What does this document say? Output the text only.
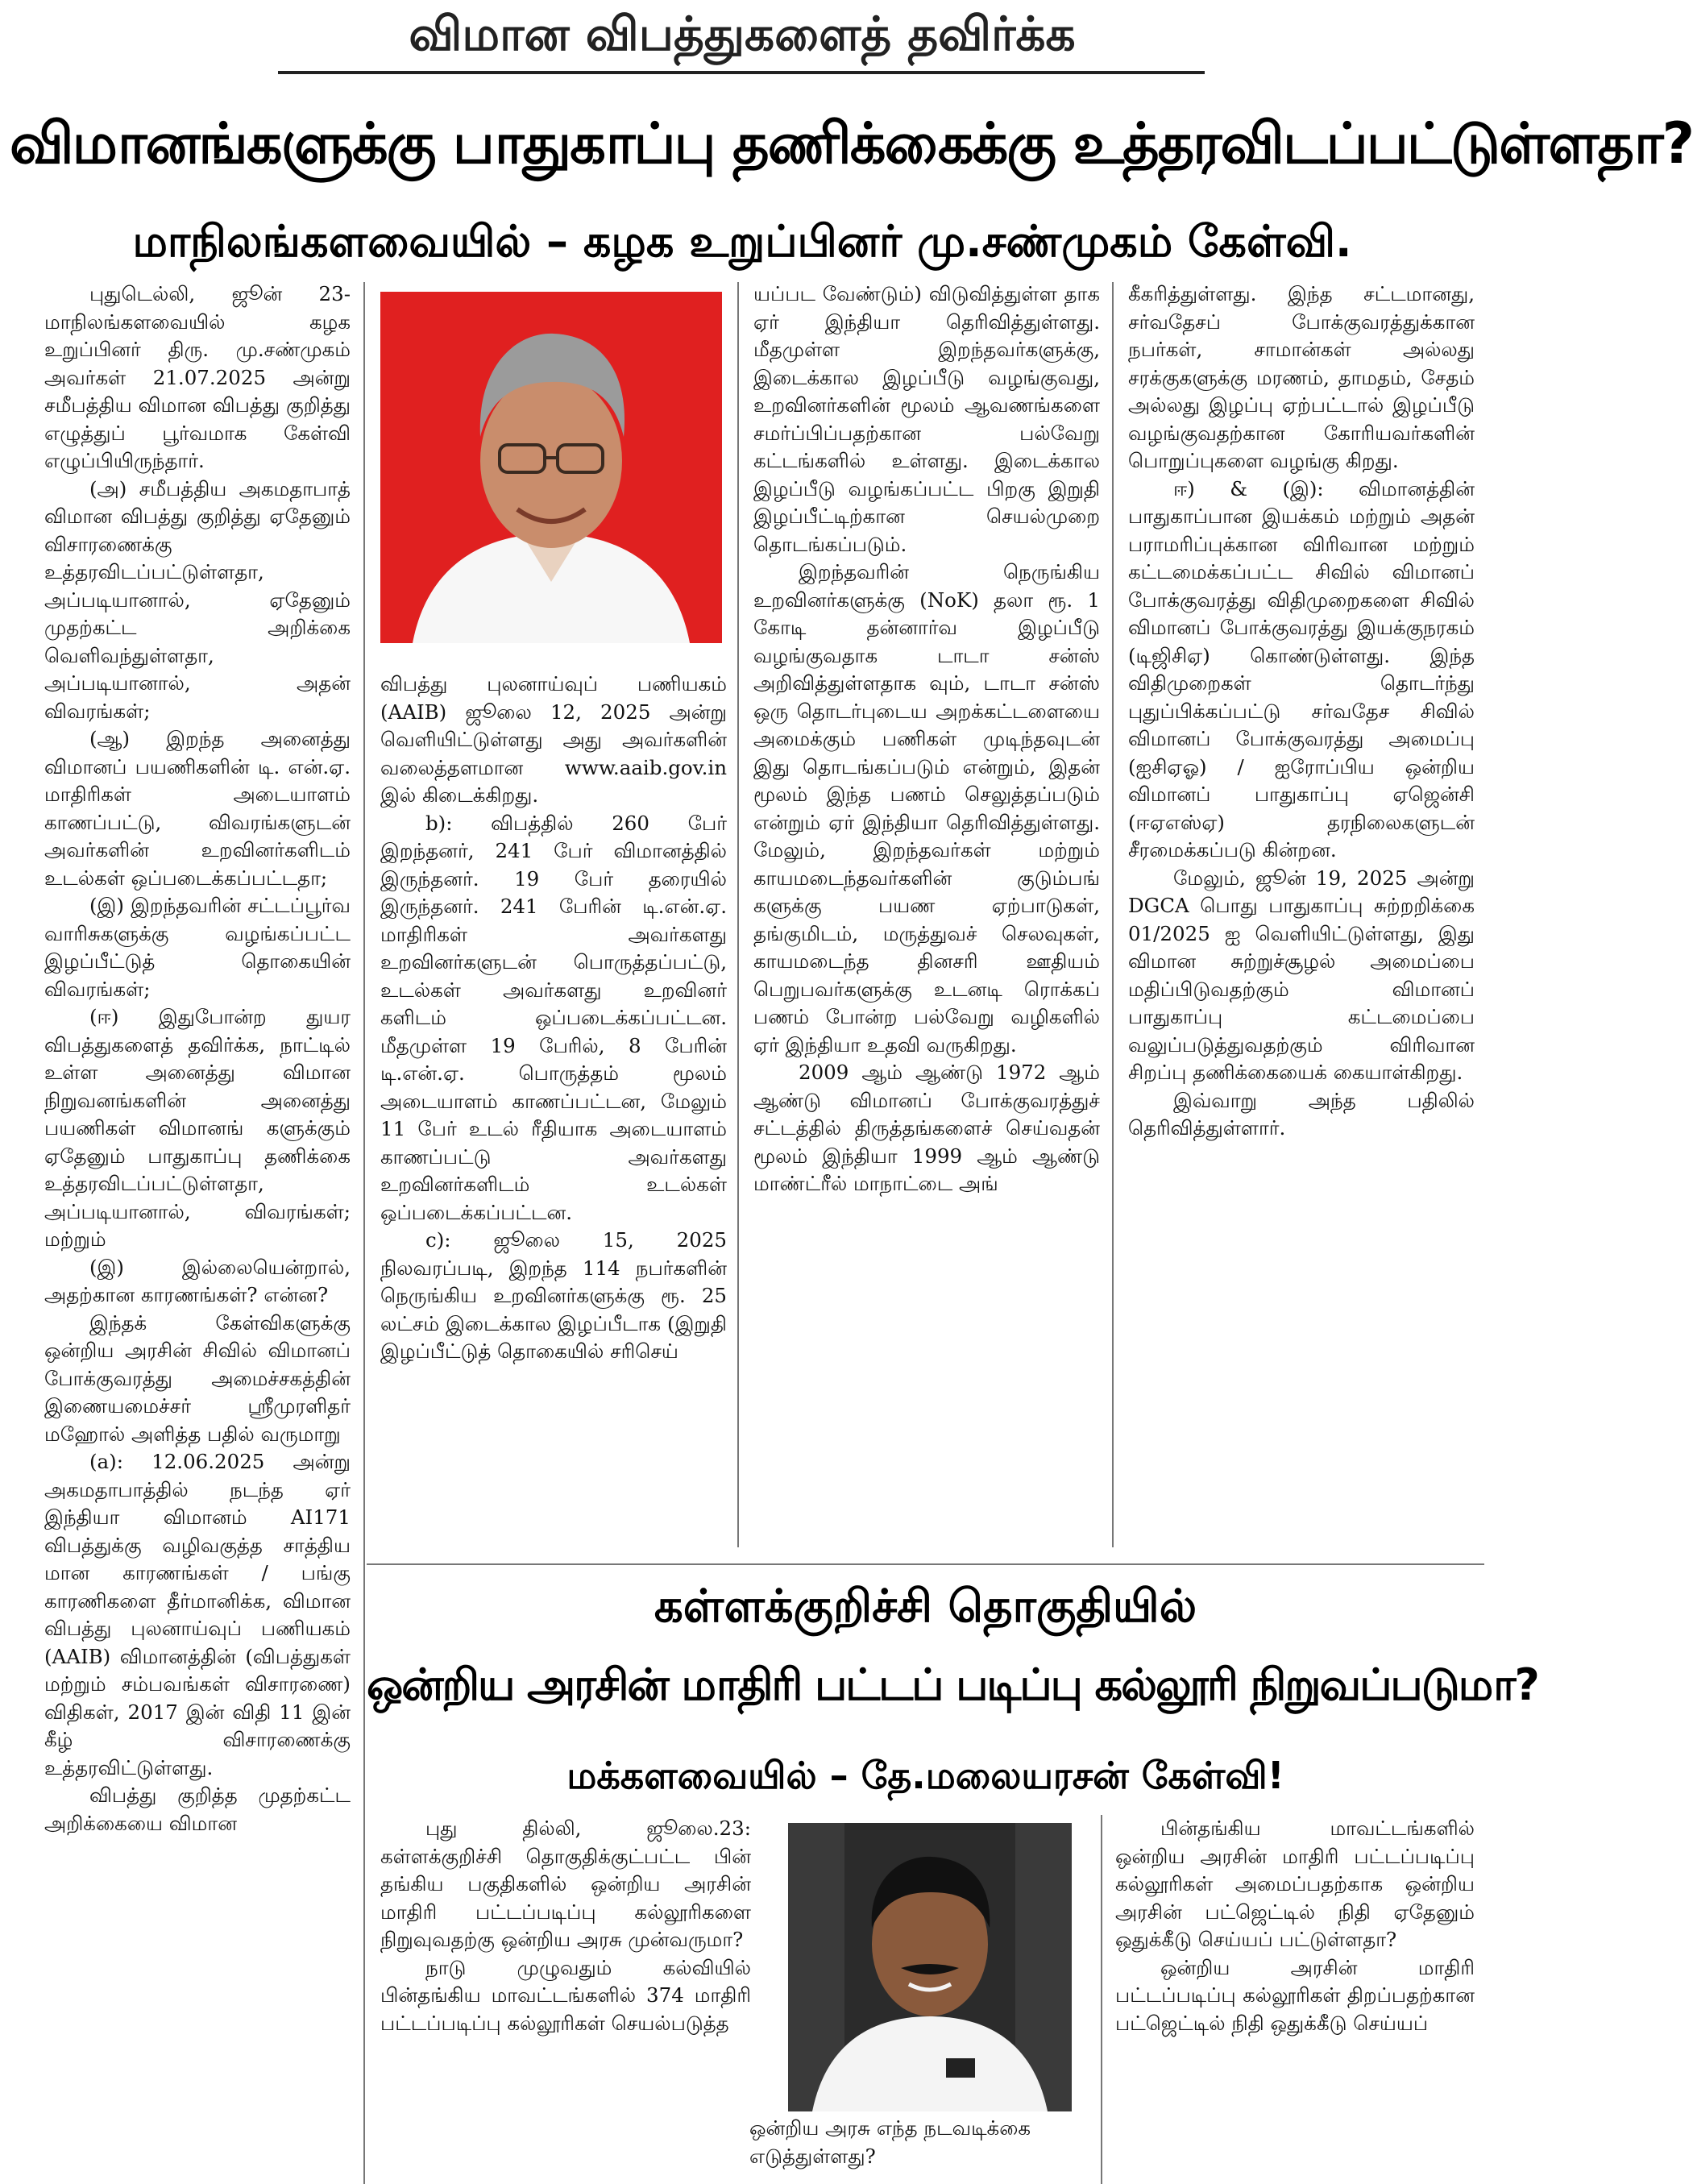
விமான விபத்துகளைத் தவிர்க்க
விமானங்களுக்கு பாதுகாப்பு தணிக்கைக்கு உத்தரவிடப்பட்டுள்ளதா?
மாநிலங்களவையில் – கழக உறுப்பினர் மு.சண்முகம் கேள்வி.

புதுடெல்லி, ஜூன் 23- மாநிலங்களவையில் கழக உறுப்பினர் திரு. மு.சண்முகம் அவர்கள் 21.07.2025 அன்று சமீபத்திய விமான விபத்து குறித்து எழுத்துப் பூர்வமாக கேள்வி எழுப்பியிருந்தார்.

(அ) சமீபத்திய அகமதாபாத் விமான விபத்து குறித்து ஏதேனும் விசாரணைக்கு உத்தரவிடப்பட்டுள்ளதா, அப்படியானால், ஏதேனும் முதற்கட்ட அறிக்கை வெளிவந்துள்ளதா, அப்படியானால், அதன் விவரங்கள்;

(ஆ) இறந்த அனைத்து விமானப் பயணிகளின் டி. என்.ஏ. மாதிரிகள் அடையாளம் காணப்பட்டு, விவரங்களுடன் அவர்களின் உறவினர்களிடம் உடல்கள் ஒப்படைக்கப்பட்டதா;

(இ) இறந்தவரின் சட்டப்பூர்வ வாரிசுகளுக்கு வழங்கப்பட்ட இழப்பீட்டுத் தொகையின் விவரங்கள்;

(ஈ) இதுபோன்ற துயர விபத்துகளைத் தவிர்க்க, நாட்டில் உள்ள அனைத்து விமான நிறுவனங்களின் அனைத்து பயணிகள் விமானங் களுக்கும் ஏதேனும் பாதுகாப்பு தணிக்கை உத்தரவிடப்பட்டுள்ளதா, அப்படியானால், விவரங்கள்; மற்றும்

(இ) இல்லையென்றால், அதற்கான காரணங்கள்? என்ன?

இந்தக் கேள்விகளுக்கு ஒன்றிய அரசின் சிவில் விமானப் போக்குவரத்து அமைச்சகத்தின் இணையமைச்சர் ஸ்ரீமுரளிதர் மஹோல் அளித்த பதில் வருமாறு

(a): 12.06.2025 அன்று அகமதாபாத்தில் நடந்த ஏர் இந்தியா விமானம் AI171 விபத்துக்கு வழிவகுத்த சாத்திய மான காரணங்கள் / பங்கு காரணிகளை தீர்மானிக்க, விமான விபத்து புலனாய்வுப் பணியகம் (AAIB) விமானத்தின் (விபத்துகள் மற்றும் சம்பவங்கள் விசாரணை) விதிகள், 2017 இன் விதி 11 இன் கீழ் விசாரணைக்கு உத்தரவிட்டுள்ளது.

விபத்து குறித்த முதற்கட்ட அறிக்கையை விமான

விபத்து புலனாய்வுப் பணியகம் (AAIB) ஜூலை 12, 2025 அன்று வெளியிட்டுள்ளது அது அவர்களின் வலைத்தளமான www.aaib.gov.in இல் கிடைக்கிறது.

b): விபத்தில் 260 பேர் இறந்தனர், 241 பேர் விமானத்தில் இருந்தனர். 19 பேர் தரையில் இருந்தனர். 241 பேரின் டி.என்.ஏ. மாதிரிகள் அவர்களது உறவினர்களுடன் பொருத்தப்பட்டு, உடல்கள் அவர்களது உறவினர் களிடம் ஒப்படைக்கப்பட்டன. மீதமுள்ள 19 பேரில், 8 பேரின் டி.என்.ஏ. பொருத்தம் மூலம் அடையாளம் காணப்பட்டன, மேலும் 11 பேர் உடல் ரீதியாக அடையாளம் காணப்பட்டு அவர்களது உறவினர்களிடம் உடல்கள் ஒப்படைக்கப்பட்டன.

c): ஜூலை 15, 2025 நிலவரப்படி, இறந்த 114 நபர்களின் நெருங்கிய உறவினர்களுக்கு ரூ. 25 லட்சம் இடைக்கால இழப்பீடாக (இறுதி இழப்பீட்டுத் தொகையில் சரிசெய்

யப்பட வேண்டும்) விடுவித்துள்ள தாக ஏர் இந்தியா தெரிவித்துள்ளது. மீதமுள்ள இறந்தவர்களுக்கு, இடைக்கால இழப்பீடு வழங்குவது, உறவினர்களின் மூலம் ஆவணங்களை சமர்ப்பிப்பதற்கான பல்வேறு கட்டங்களில் உள்ளது. இடைக்கால இழப்பீடு வழங்கப்பட்ட பிறகு இறுதி இழப்பீட்டிற்கான செயல்முறை தொடங்கப்படும்.

இறந்தவரின் நெருங்கிய உறவினர்களுக்கு (NoK) தலா ரூ. 1 கோடி தன்னார்வ இழப்பீடு வழங்குவதாக டாடா சன்ஸ் அறிவித்துள்ளதாக வும், டாடா சன்ஸ் ஒரு தொடர்புடைய அறக்கட்டளையை அமைக்கும் பணிகள் முடிந்தவுடன் இது தொடங்கப்படும் என்றும், இதன் மூலம் இந்த பணம் செலுத்தப்படும் என்றும் ஏர் இந்தியா தெரிவித்துள்ளது. மேலும், இறந்தவர்கள் மற்றும் காயமடைந்தவர்களின் குடும்பங் களுக்கு பயண ஏற்பாடுகள், தங்குமிடம், மருத்துவச் செலவுகள், காயமடைந்த தினசரி ஊதியம் பெறுபவர்களுக்கு உடனடி ரொக்கப் பணம் போன்ற பல்வேறு வழிகளில் ஏர் இந்தியா உதவி வருகிறது.

2009 ஆம் ஆண்டு 1972 ஆம் ஆண்டு விமானப் போக்குவரத்துச் சட்டத்தில் திருத்தங்களைச் செய்வதன் மூலம் இந்தியா 1999 ஆம் ஆண்டு மாண்ட்ரீல் மாநாட்டை அங்

கீகரித்துள்ளது. இந்த சட்டமானது, சர்வதேசப் போக்குவரத்துக்கான நபர்கள், சாமான்கள் அல்லது சரக்குகளுக்கு மரணம், தாமதம், சேதம் அல்லது இழப்பு ஏற்பட்டால் இழப்பீடு வழங்குவதற்கான கோரியவர்களின் பொறுப்புகளை வழங்கு கிறது.

ஈ) & (இ): விமானத்தின் பாதுகாப்பான இயக்கம் மற்றும் அதன் பராமரிப்புக்கான விரிவான மற்றும் கட்டமைக்கப்பட்ட சிவில் விமானப் போக்குவரத்து விதிமுறைகளை சிவில் விமானப் போக்குவரத்து இயக்குநரகம் (டிஜிசிஏ) கொண்டுள்ளது. இந்த விதிமுறைகள் தொடர்ந்து புதுப்பிக்கப்பட்டு சர்வதேச சிவில் விமானப் போக்குவரத்து அமைப்பு (ஐசிஏஓ) / ஐரோப்பிய ஒன்றிய விமானப் பாதுகாப்பு ஏஜென்சி (ஈஏஎஸ்ஏ) தரநிலைகளுடன் சீரமைக்கப்படு கின்றன.

மேலும், ஜூன் 19, 2025 அன்று DGCA பொது பாதுகாப்பு சுற்றறிக்கை 01/2025 ஐ வெளியிட்டுள்ளது, இது விமான சுற்றுச்சூழல் அமைப்பை மதிப்பிடுவதற்கும் விமானப் பாதுகாப்பு கட்டமைப்பை வலுப்படுத்துவதற்கும் விரிவான சிறப்பு தணிக்கையைக் கையாள்கிறது.

இவ்வாறு அந்த பதிலில் தெரிவித்துள்ளார்.

கள்ளக்குறிச்சி தொகுதியில்
ஒன்றிய அரசின் மாதிரி பட்டப் படிப்பு கல்லூரி நிறுவப்படுமா?
மக்களவையில் – தே.மலையரசன் கேள்வி!

புது தில்லி, ஜூலை.23: கள்ளக்குறிச்சி தொகுதிக்குட்பட்ட பின் தங்கிய பகுதிகளில் ஒன்றிய அரசின் மாதிரி பட்டப்படிப்பு கல்லூரிகளை நிறுவுவதற்கு ஒன்றிய அரசு முன்வருமா?

நாடு முழுவதும் கல்வியில் பின்தங்கிய மாவட்டங்களில் 374 மாதிரி பட்டப்படிப்பு கல்லூரிகள் செயல்படுத்த

ஒன்றிய அரசு எந்த நடவடிக்கை எடுத்துள்ளது?

பின்தங்கிய மாவட்டங்களில் ஒன்றிய அரசின் மாதிரி பட்டப்படிப்பு கல்லூரிகள் அமைப்பதற்காக ஒன்றிய அரசின் பட்ஜெட்டில் நிதி ஏதேனும் ஒதுக்கீடு செய்யப் பட்டுள்ளதா?

ஒன்றிய அரசின் மாதிரி பட்டப்படிப்பு கல்லூரிகள் திறப்பதற்கான பட்ஜெட்டில் நிதி ஒதுக்கீடு செய்யப்
